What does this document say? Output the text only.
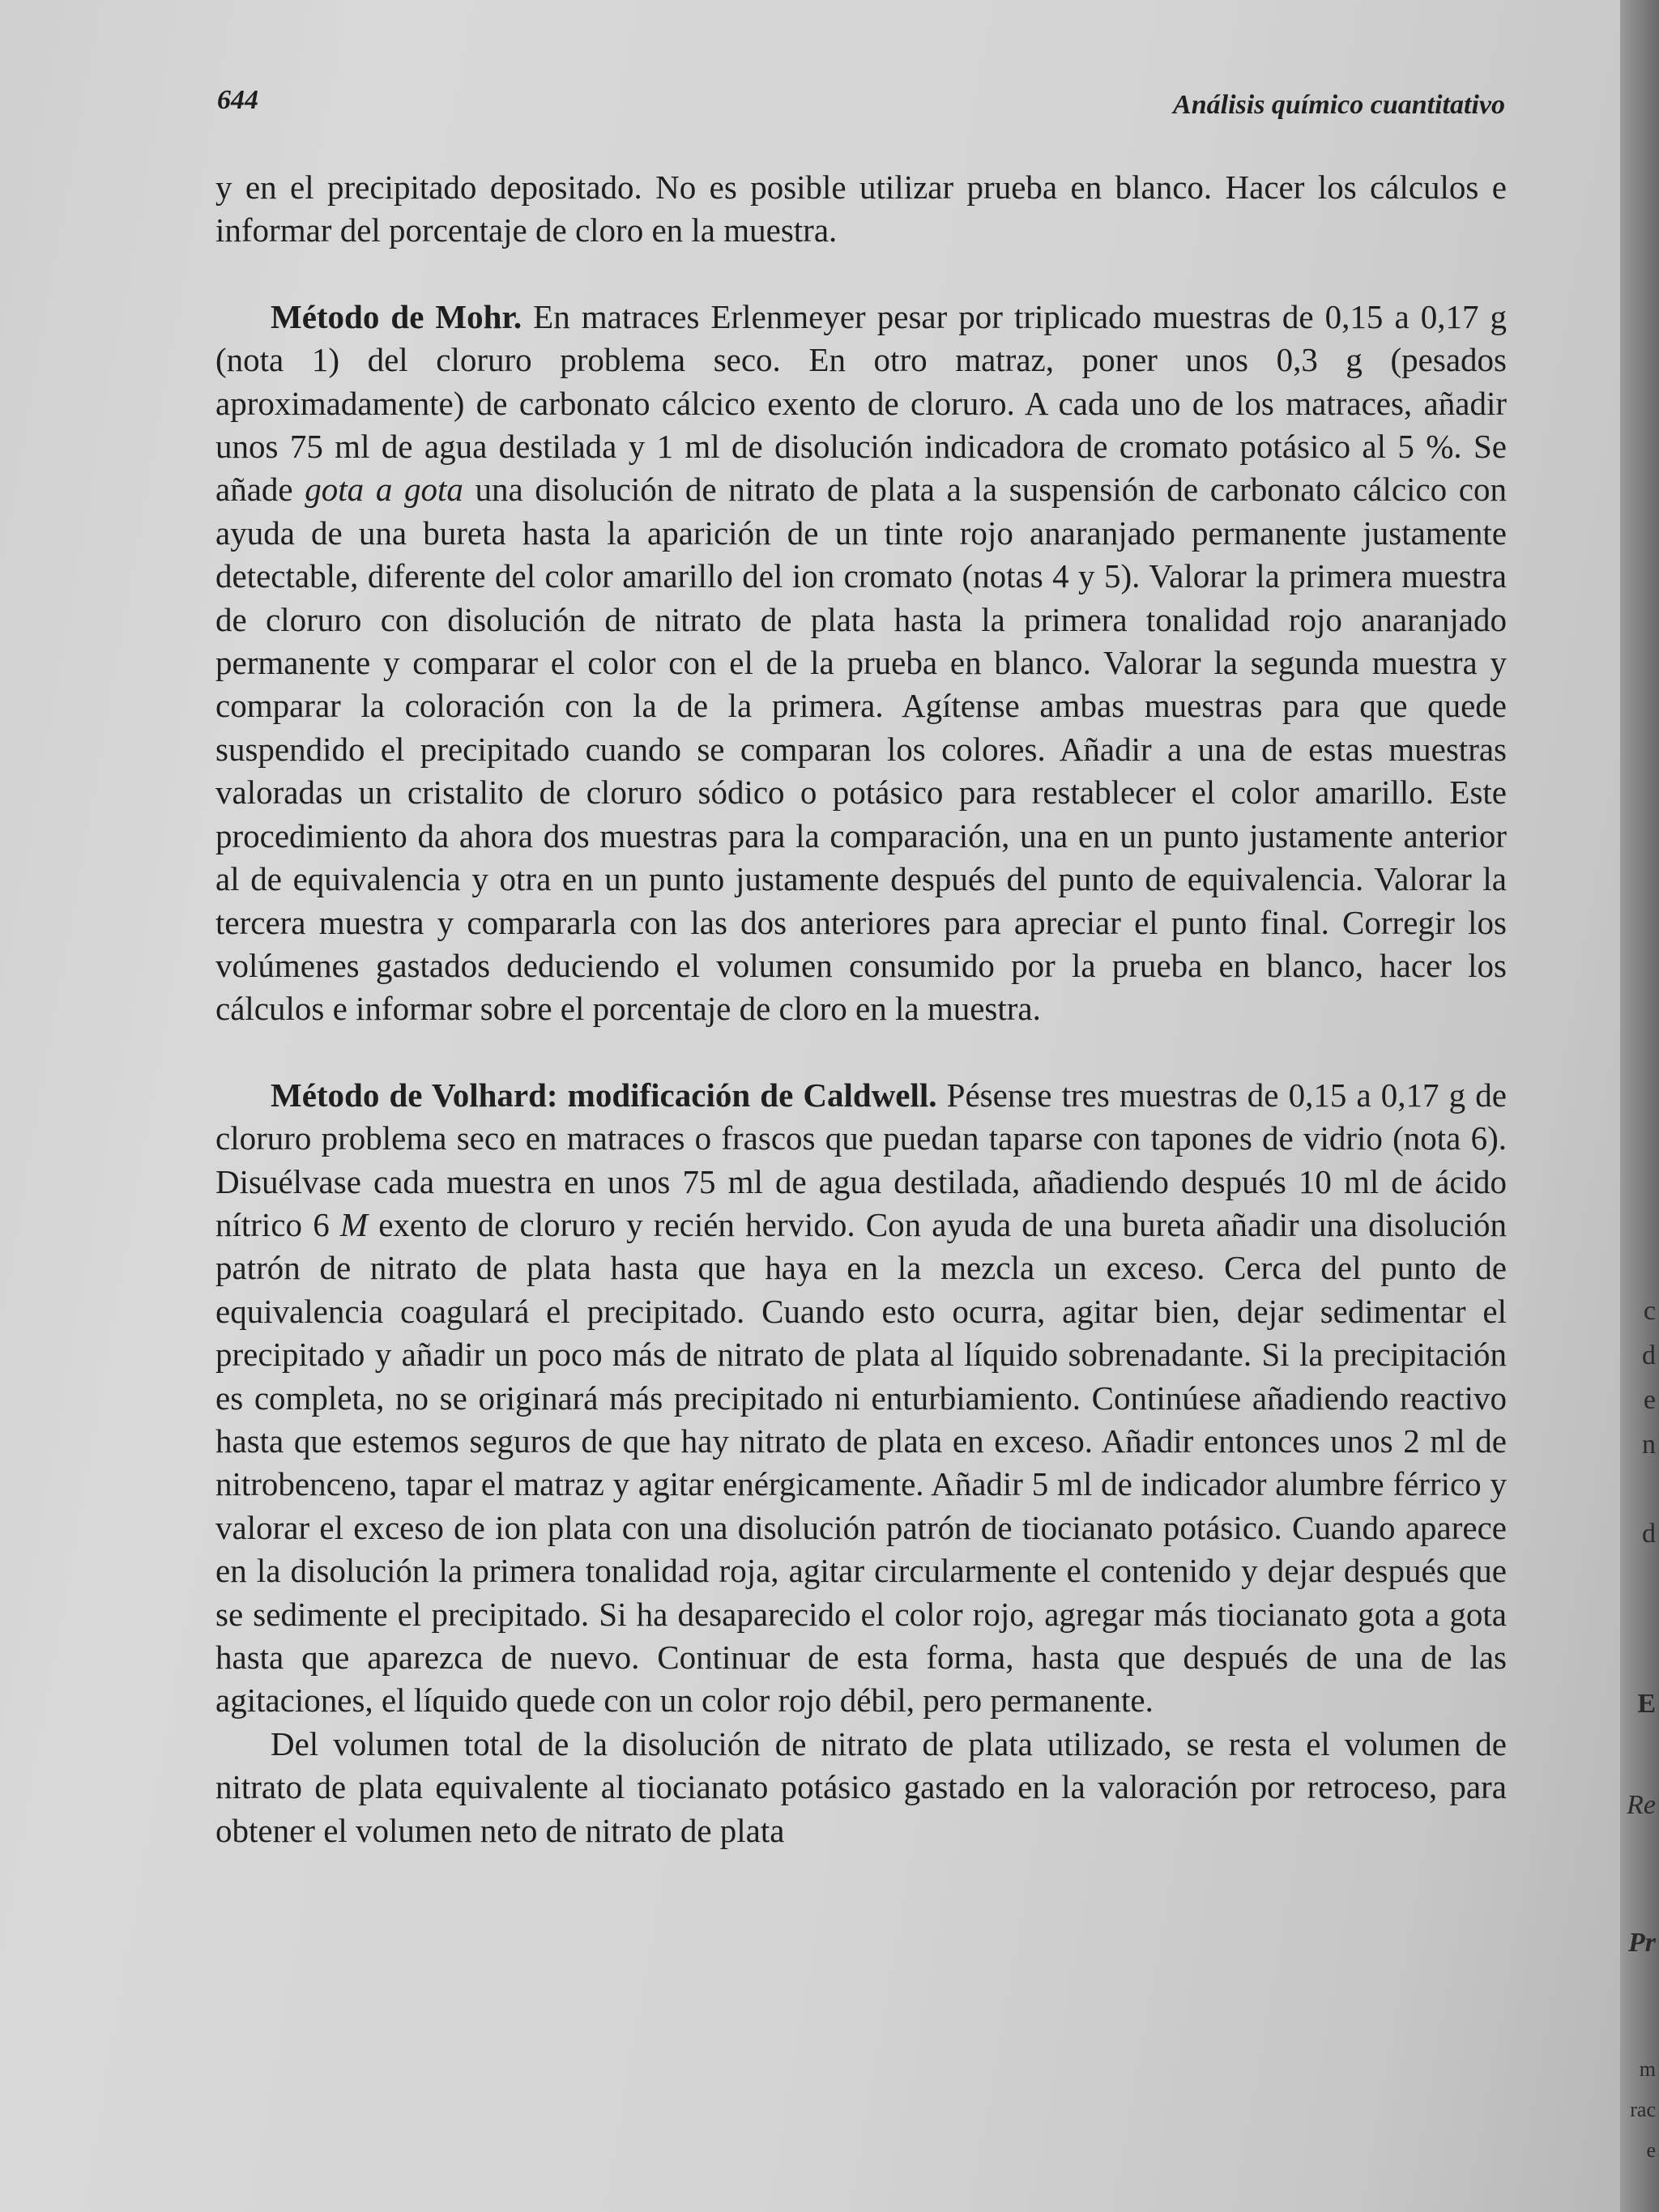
c
d
e
n
d
E
Re
Pr
m
rac
e
644	Análisis químico cuantitativo

y en el precipitado depositado. No es posible utilizar prueba en blanco. Hacer los cálculos e informar del porcentaje de cloro en la muestra.

Método de Mohr. En matraces Erlenmeyer pesar por triplicado muestras de 0,15 a 0,17 g (nota 1) del cloruro problema seco. En otro matraz, poner unos 0,3 g (pesados aproximadamente) de carbonato cálcico exento de cloruro. A cada uno de los matraces, añadir unos 75 ml de agua destilada y 1 ml de disolución indicadora de cromato potásico al 5 %. Se añade gota a gota una disolución de nitrato de plata a la suspensión de carbonato cálcico con ayuda de una bureta hasta la aparición de un tinte rojo anaranjado permanente justamente detectable, diferente del color amarillo del ion cromato (notas 4 y 5). Valorar la primera muestra de cloruro con disolución de nitrato de plata hasta la primera tonalidad rojo anaranjado permanente y comparar el color con el de la prueba en blanco. Valorar la segunda muestra y comparar la coloración con la de la primera. Agítense ambas muestras para que quede suspendido el precipitado cuando se comparan los colores. Añadir a una de estas muestras valoradas un cristalito de cloruro sódico o potásico para restablecer el color amarillo. Este procedimiento da ahora dos muestras para la comparación, una en un punto justamente anterior al de equivalencia y otra en un punto justamente después del punto de equivalencia. Valorar la tercera muestra y compararla con las dos anteriores para apreciar el punto final. Corregir los volúmenes gastados deduciendo el volumen consumido por la prueba en blanco, hacer los cálculos e informar sobre el porcentaje de cloro en la muestra.

Método de Volhard: modificación de Caldwell. Pésense tres muestras de 0,15 a 0,17 g de cloruro problema seco en matraces o frascos que puedan taparse con tapones de vidrio (nota 6). Disuélvase cada muestra en unos 75 ml de agua destilada, añadiendo después 10 ml de ácido nítrico 6 M exento de cloruro y recién hervido. Con ayuda de una bureta añadir una disolución patrón de nitrato de plata hasta que haya en la mezcla un exceso. Cerca del punto de equivalencia coagulará el precipitado. Cuando esto ocurra, agitar bien, dejar sedimentar el precipitado y añadir un poco más de nitrato de plata al líquido sobrenadante. Si la precipitación es completa, no se originará más precipitado ni enturbiamiento. Continúese añadiendo reactivo hasta que estemos seguros de que hay nitrato de plata en exceso. Añadir entonces unos 2 ml de nitrobenceno, tapar el matraz y agitar enérgicamente. Añadir 5 ml de indicador alumbre férrico y valorar el exceso de ion plata con una disolución patrón de tiocianato potásico. Cuando aparece en la disolución la primera tonalidad roja, agitar circularmente el contenido y dejar después que se sedimente el precipitado. Si ha desaparecido el color rojo, agregar más tiocianato gota a gota hasta que aparezca de nuevo. Continuar de esta forma, hasta que después de una de las agitaciones, el líquido quede con un color rojo débil, pero permanente.

Del volumen total de la disolución de nitrato de plata utilizado, se resta el volumen de nitrato de plata equivalente al tiocianato potásico gastado en la valoración por retroceso, para obtener el volumen neto de nitrato de plata
